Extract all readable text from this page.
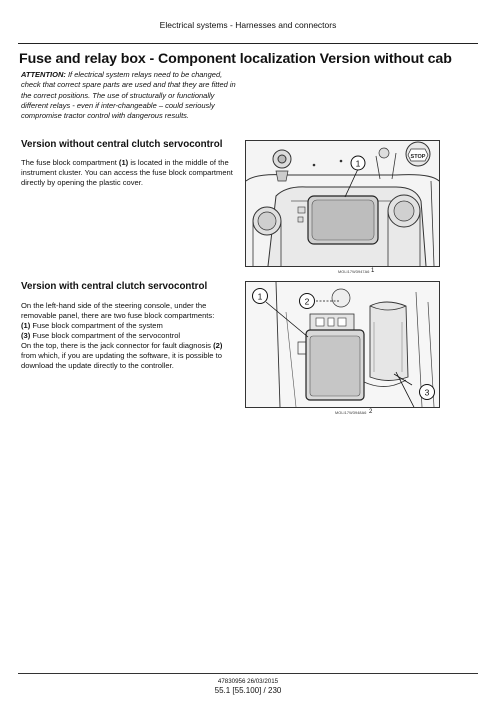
Electrical systems - Harnesses and connectors
Fuse and relay box - Component localization Version without cab
ATTENTION: If electrical system relays need to be changed, check that correct spare parts are used and that they are fitted in the correct positions. The use of structurally or functionally different relays - even if inter-changeable – could seriously compromise tractor control with dangerous results.
Version without central clutch servocontrol
The fuse block compartment (1) is located in the middle of the instrument cluster. You can access the fuse block compartment directly by opening the plastic cover.
STOP
1
MOLI17W3947A6 1
Version with central clutch servocontrol
On the left-hand side of the steering console, under the removable panel, there are two fuse block compartments:
(1) Fuse block compartment of the system
(3) Fuse block compartment of the servocontrol
On the top, there is the jack connector for fault diagnosis (2) from which, if you are updating the software, it is possible to download the update directly to the controller.
1	2
3
MOLI17W3948A6 2
47830956 26/03/2015
55.1 [55.100] / 230
